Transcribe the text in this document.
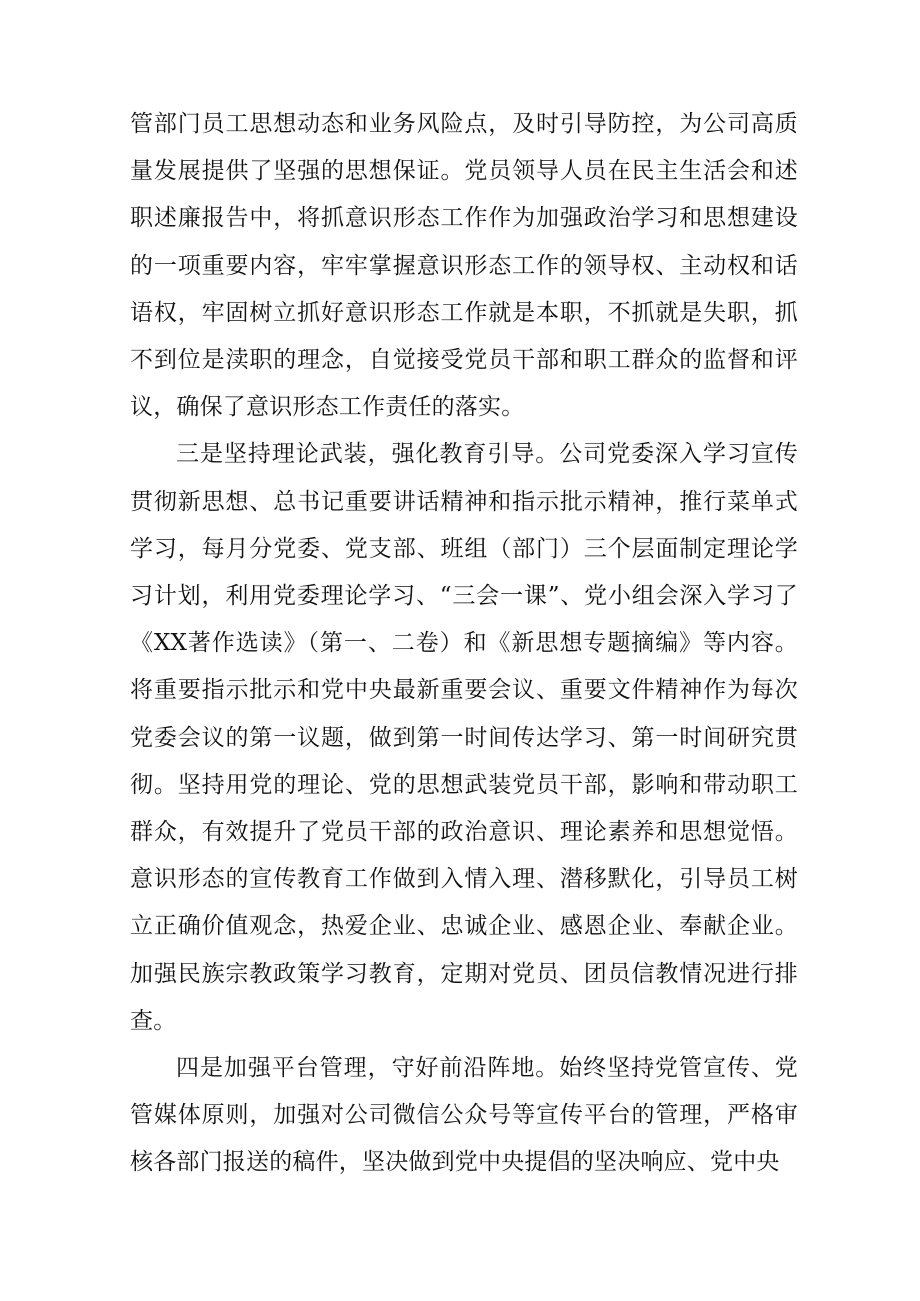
管部门员工思想动态和业务风险点，及时引导防控，为公司高质量发展提供了坚强的思想保证。党员领导人员在民主生活会和述职述廉报告中，将抓意识形态工作作为加强政治学习和思想建设的一项重要内容，牢牢掌握意识形态工作的领导权、主动权和话语权，牢固树立抓好意识形态工作就是本职，不抓就是失职，抓不到位是渎职的理念，自觉接受党员干部和职工群众的监督和评议，确保了意识形态工作责任的落实。

三是坚持理论武装，强化教育引导。公司党委深入学习宣传贯彻新思想、总书记重要讲话精神和指示批示精神，推行菜单式学习，每月分党委、党支部、班组（部门）三个层面制定理论学习计划，利用党委理论学习、“三会一课”、党小组会深入学习了《XX著作选读》（第一、二卷）和《新思想专题摘编》等内容。将重要指示批示和党中央最新重要会议、重要文件精神作为每次党委会议的第一议题，做到第一时间传达学习、第一时间研究贯彻。坚持用党的理论、党的思想武装党员干部，影响和带动职工群众，有效提升了党员干部的政治意识、理论素养和思想觉悟。意识形态的宣传教育工作做到入情入理、潜移默化，引导员工树立正确价值观念，热爱企业、忠诚企业、感恩企业、奉献企业。加强民族宗教政策学习教育，定期对党员、团员信教情况进行排查。

四是加强平台管理，守好前沿阵地。始终坚持党管宣传、党管媒体原则，加强对公司微信公众号等宣传平台的管理，严格审核各部门报送的稿件，坚决做到党中央提倡的坚决响应、党中央
